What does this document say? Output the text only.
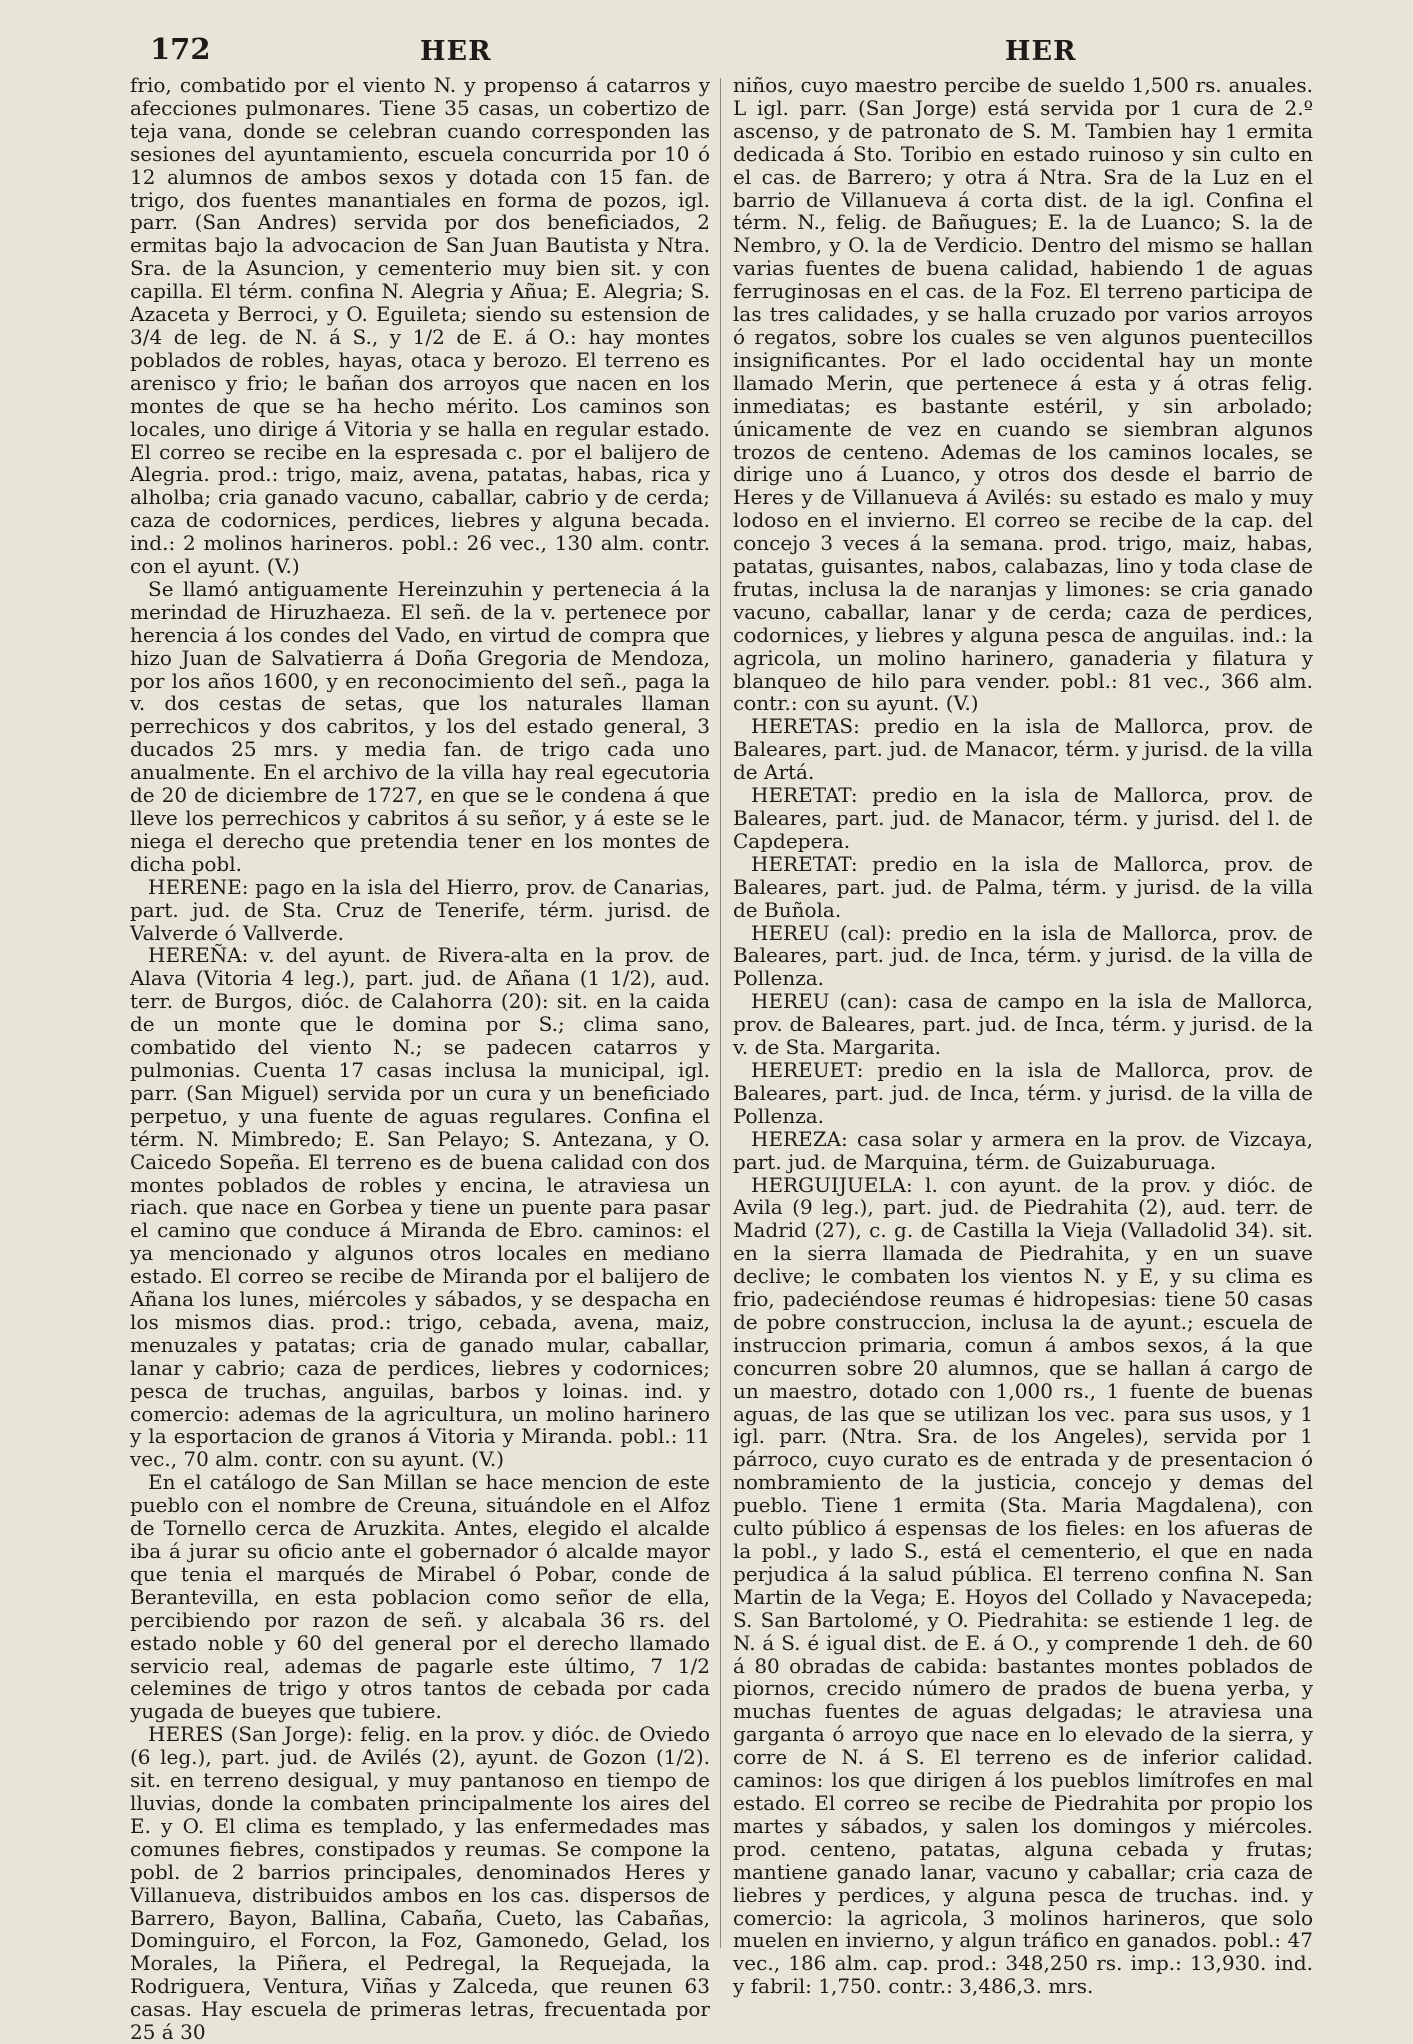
172	HER	HER

frio, combatido por el viento N. y propenso á catarros y afecciones pulmonares. Tiene 35 casas, un cobertizo de teja vana, donde se celebran cuando corresponden las sesiones del ayuntamiento, escuela concurrida por 10 ó 12 alumnos de ambos sexos y dotada con 15 fan. de trigo, dos fuentes manantiales en forma de pozos, igl. parr. (San Andres) servida por dos beneficiados, 2 ermitas bajo la advocacion de San Juan Bautista y Ntra. Sra. de la Asuncion, y cementerio muy bien sit. y con capilla. El térm. confina N. Alegria y Añua; E. Alegria; S. Azaceta y Berroci, y O. Eguileta; siendo su estension de 3/4 de leg. de N. á S., y 1/2 de E. á O.: hay montes poblados de robles, hayas, otaca y berozo. El terreno es arenisco y frio; le bañan dos arroyos que nacen en los montes de que se ha hecho mérito. Los caminos son locales, uno dirige á Vitoria y se halla en regular estado. El correo se recibe en la espresada c. por el balijero de Alegria. prod.: trigo, maiz, avena, patatas, habas, rica y alholba; cria ganado vacuno, caballar, cabrio y de cerda; caza de codornices, perdices, liebres y alguna becada. ind.: 2 molinos harineros. pobl.: 26 vec., 130 alm. contr. con el ayunt. (V.)

Se llamó antiguamente Hereinzuhin y pertenecia á la merindad de Hiruzhaeza. El señ. de la v. pertenece por herencia á los condes del Vado, en virtud de compra que hizo Juan de Salvatierra á Doña Gregoria de Mendoza, por los años 1600, y en reconocimiento del señ., paga la v. dos cestas de setas, que los naturales llaman perrechicos y dos cabritos, y los del estado general, 3 ducados 25 mrs. y media fan. de trigo cada uno anualmente. En el archivo de la villa hay real egecutoria de 20 de diciembre de 1727, en que se le condena á que lleve los perrechicos y cabritos á su señor, y á este se le niega el derecho que pretendia tener en los montes de dicha pobl.

HERENE: pago en la isla del Hierro, prov. de Canarias, part. jud. de Sta. Cruz de Tenerife, térm. jurisd. de Valverde ó Vallverde.

HEREÑA: v. del ayunt. de Rivera-alta en la prov. de Alava (Vitoria 4 leg.), part. jud. de Añana (1 1/2), aud. terr. de Burgos, dióc. de Calahorra (20): sit. en la caida de un monte que le domina por S.; clima sano, combatido del viento N.; se padecen catarros y pulmonias. Cuenta 17 casas inclusa la municipal, igl. parr. (San Miguel) servida por un cura y un beneficiado perpetuo, y una fuente de aguas regulares. Confina el térm. N. Mimbredo; E. San Pelayo; S. Antezana, y O. Caicedo Sopeña. El terreno es de buena calidad con dos montes poblados de robles y encina, le atraviesa un riach. que nace en Gorbea y tiene un puente para pasar el camino que conduce á Miranda de Ebro. caminos: el ya mencionado y algunos otros locales en mediano estado. El correo se recibe de Miranda por el balijero de Añana los lunes, miércoles y sábados, y se despacha en los mismos dias. prod.: trigo, cebada, avena, maiz, menuzales y patatas; cria de ganado mular, caballar, lanar y cabrio; caza de perdices, liebres y codornices; pesca de truchas, anguilas, barbos y loinas. ind. y comercio: ademas de la agricultura, un molino harinero y la esportacion de granos á Vitoria y Miranda. pobl.: 11 vec., 70 alm. contr. con su ayunt. (V.)

En el catálogo de San Millan se hace mencion de este pueblo con el nombre de Creuna, situándole en el Alfoz de Tornello cerca de Aruzkita. Antes, elegido el alcalde iba á jurar su oficio ante el gobernador ó alcalde mayor que tenia el marqués de Mirabel ó Pobar, conde de Berantevilla, en esta poblacion como señor de ella, percibiendo por razon de señ. y alcabala 36 rs. del estado noble y 60 del general por el derecho llamado servicio real, ademas de pagarle este último, 7 1/2 celemines de trigo y otros tantos de cebada por cada yugada de bueyes que tubiere.

HERES (San Jorge): felig. en la prov. y dióc. de Oviedo (6 leg.), part. jud. de Avilés (2), ayunt. de Gozon (1/2). sit. en terreno desigual, y muy pantanoso en tiempo de lluvias, donde la combaten principalmente los aires del E. y O. El clima es templado, y las enfermedades mas comunes fiebres, constipados y reumas. Se compone la pobl. de 2 barrios principales, denominados Heres y Villanueva, distribuidos ambos en los cas. dispersos de Barrero, Bayon, Ballina, Cabaña, Cueto, las Cabañas, Dominguiro, el Forcon, la Foz, Gamonedo, Gelad, los Morales, la Piñera, el Pedregal, la Requejada, la Rodriguera, Ventura, Viñas y Zalceda, que reunen 63 casas. Hay escuela de primeras letras, frecuentada por 25 á 30

niños, cuyo maestro percibe de sueldo 1,500 rs. anuales. L igl. parr. (San Jorge) está servida por 1 cura de 2.º ascenso, y de patronato de S. M. Tambien hay 1 ermita dedicada á Sto. Toribio en estado ruinoso y sin culto en el cas. de Barrero; y otra á Ntra. Sra de la Luz en el barrio de Villanueva á corta dist. de la igl. Confina el térm. N., felig. de Bañugues; E. la de Luanco; S. la de Nembro, y O. la de Verdicio. Dentro del mismo se hallan varias fuentes de buena calidad, habiendo 1 de aguas ferruginosas en el cas. de la Foz. El terreno participa de las tres calidades, y se halla cruzado por varios arroyos ó regatos, sobre los cuales se ven algunos puentecillos insignificantes. Por el lado occidental hay un monte llamado Merin, que pertenece á esta y á otras felig. inmediatas; es bastante estéril, y sin arbolado; únicamente de vez en cuando se siembran algunos trozos de centeno. Ademas de los caminos locales, se dirige uno á Luanco, y otros dos desde el barrio de Heres y de Villanueva á Avilés: su estado es malo y muy lodoso en el invierno. El correo se recibe de la cap. del concejo 3 veces á la semana. prod. trigo, maiz, habas, patatas, guisantes, nabos, calabazas, lino y toda clase de frutas, inclusa la de naranjas y limones: se cria ganado vacuno, caballar, lanar y de cerda; caza de perdices, codornices, y liebres y alguna pesca de anguilas. ind.: la agricola, un molino harinero, ganaderia y filatura y blanqueo de hilo para vender. pobl.: 81 vec., 366 alm. contr.: con su ayunt. (V.)

HERETAS: predio en la isla de Mallorca, prov. de Baleares, part. jud. de Manacor, térm. y jurisd. de la villa de Artá.

HERETAT: predio en la isla de Mallorca, prov. de Baleares, part. jud. de Manacor, térm. y jurisd. del l. de Capdepera.

HERETAT: predio en la isla de Mallorca, prov. de Baleares, part. jud. de Palma, térm. y jurisd. de la villa de Buñola.

HEREU (cal): predio en la isla de Mallorca, prov. de Baleares, part. jud. de Inca, térm. y jurisd. de la villa de Pollenza.

HEREU (can): casa de campo en la isla de Mallorca, prov. de Baleares, part. jud. de Inca, térm. y jurisd. de la v. de Sta. Margarita.

HEREUET: predio en la isla de Mallorca, prov. de Baleares, part. jud. de Inca, térm. y jurisd. de la villa de Pollenza.

HEREZA: casa solar y armera en la prov. de Vizcaya, part. jud. de Marquina, térm. de Guizaburuaga.

HERGUIJUELA: l. con ayunt. de la prov. y dióc. de Avila (9 leg.), part. jud. de Piedrahita (2), aud. terr. de Madrid (27), c. g. de Castilla la Vieja (Valladolid 34). sit. en la sierra llamada de Piedrahita, y en un suave declive; le combaten los vientos N. y E, y su clima es frio, padeciéndose reumas é hidropesias: tiene 50 casas de pobre construccion, inclusa la de ayunt.; escuela de instruccion primaria, comun á ambos sexos, á la que concurren sobre 20 alumnos, que se hallan á cargo de un maestro, dotado con 1,000 rs., 1 fuente de buenas aguas, de las que se utilizan los vec. para sus usos, y 1 igl. parr. (Ntra. Sra. de los Angeles), servida por 1 párroco, cuyo curato es de entrada y de presentacion ó nombramiento de la justicia, concejo y demas del pueblo. Tiene 1 ermita (Sta. Maria Magdalena), con culto público á espensas de los fieles: en los afueras de la pobl., y lado S., está el cementerio, el que en nada perjudica á la salud pública. El terreno confina N. San Martin de la Vega; E. Hoyos del Collado y Navacepeda; S. San Bartolomé, y O. Piedrahita: se estiende 1 leg. de N. á S. é igual dist. de E. á O., y comprende 1 deh. de 60 á 80 obradas de cabida: bastantes montes poblados de piornos, crecido número de prados de buena yerba, y muchas fuentes de aguas delgadas; le atraviesa una garganta ó arroyo que nace en lo elevado de la sierra, y corre de N. á S. El terreno es de inferior calidad. caminos: los que dirigen á los pueblos limítrofes en mal estado. El correo se recibe de Piedrahita por propio los martes y sábados, y salen los domingos y miércoles. prod. centeno, patatas, alguna cebada y frutas; mantiene ganado lanar, vacuno y caballar; cria caza de liebres y perdices, y alguna pesca de truchas. ind. y comercio: la agricola, 3 molinos harineros, que solo muelen en invierno, y algun tráfico en ganados. pobl.: 47 vec., 186 alm. cap. prod.: 348,250 rs. imp.: 13,930. ind. y fabril: 1,750. contr.: 3,486,3. mrs.
